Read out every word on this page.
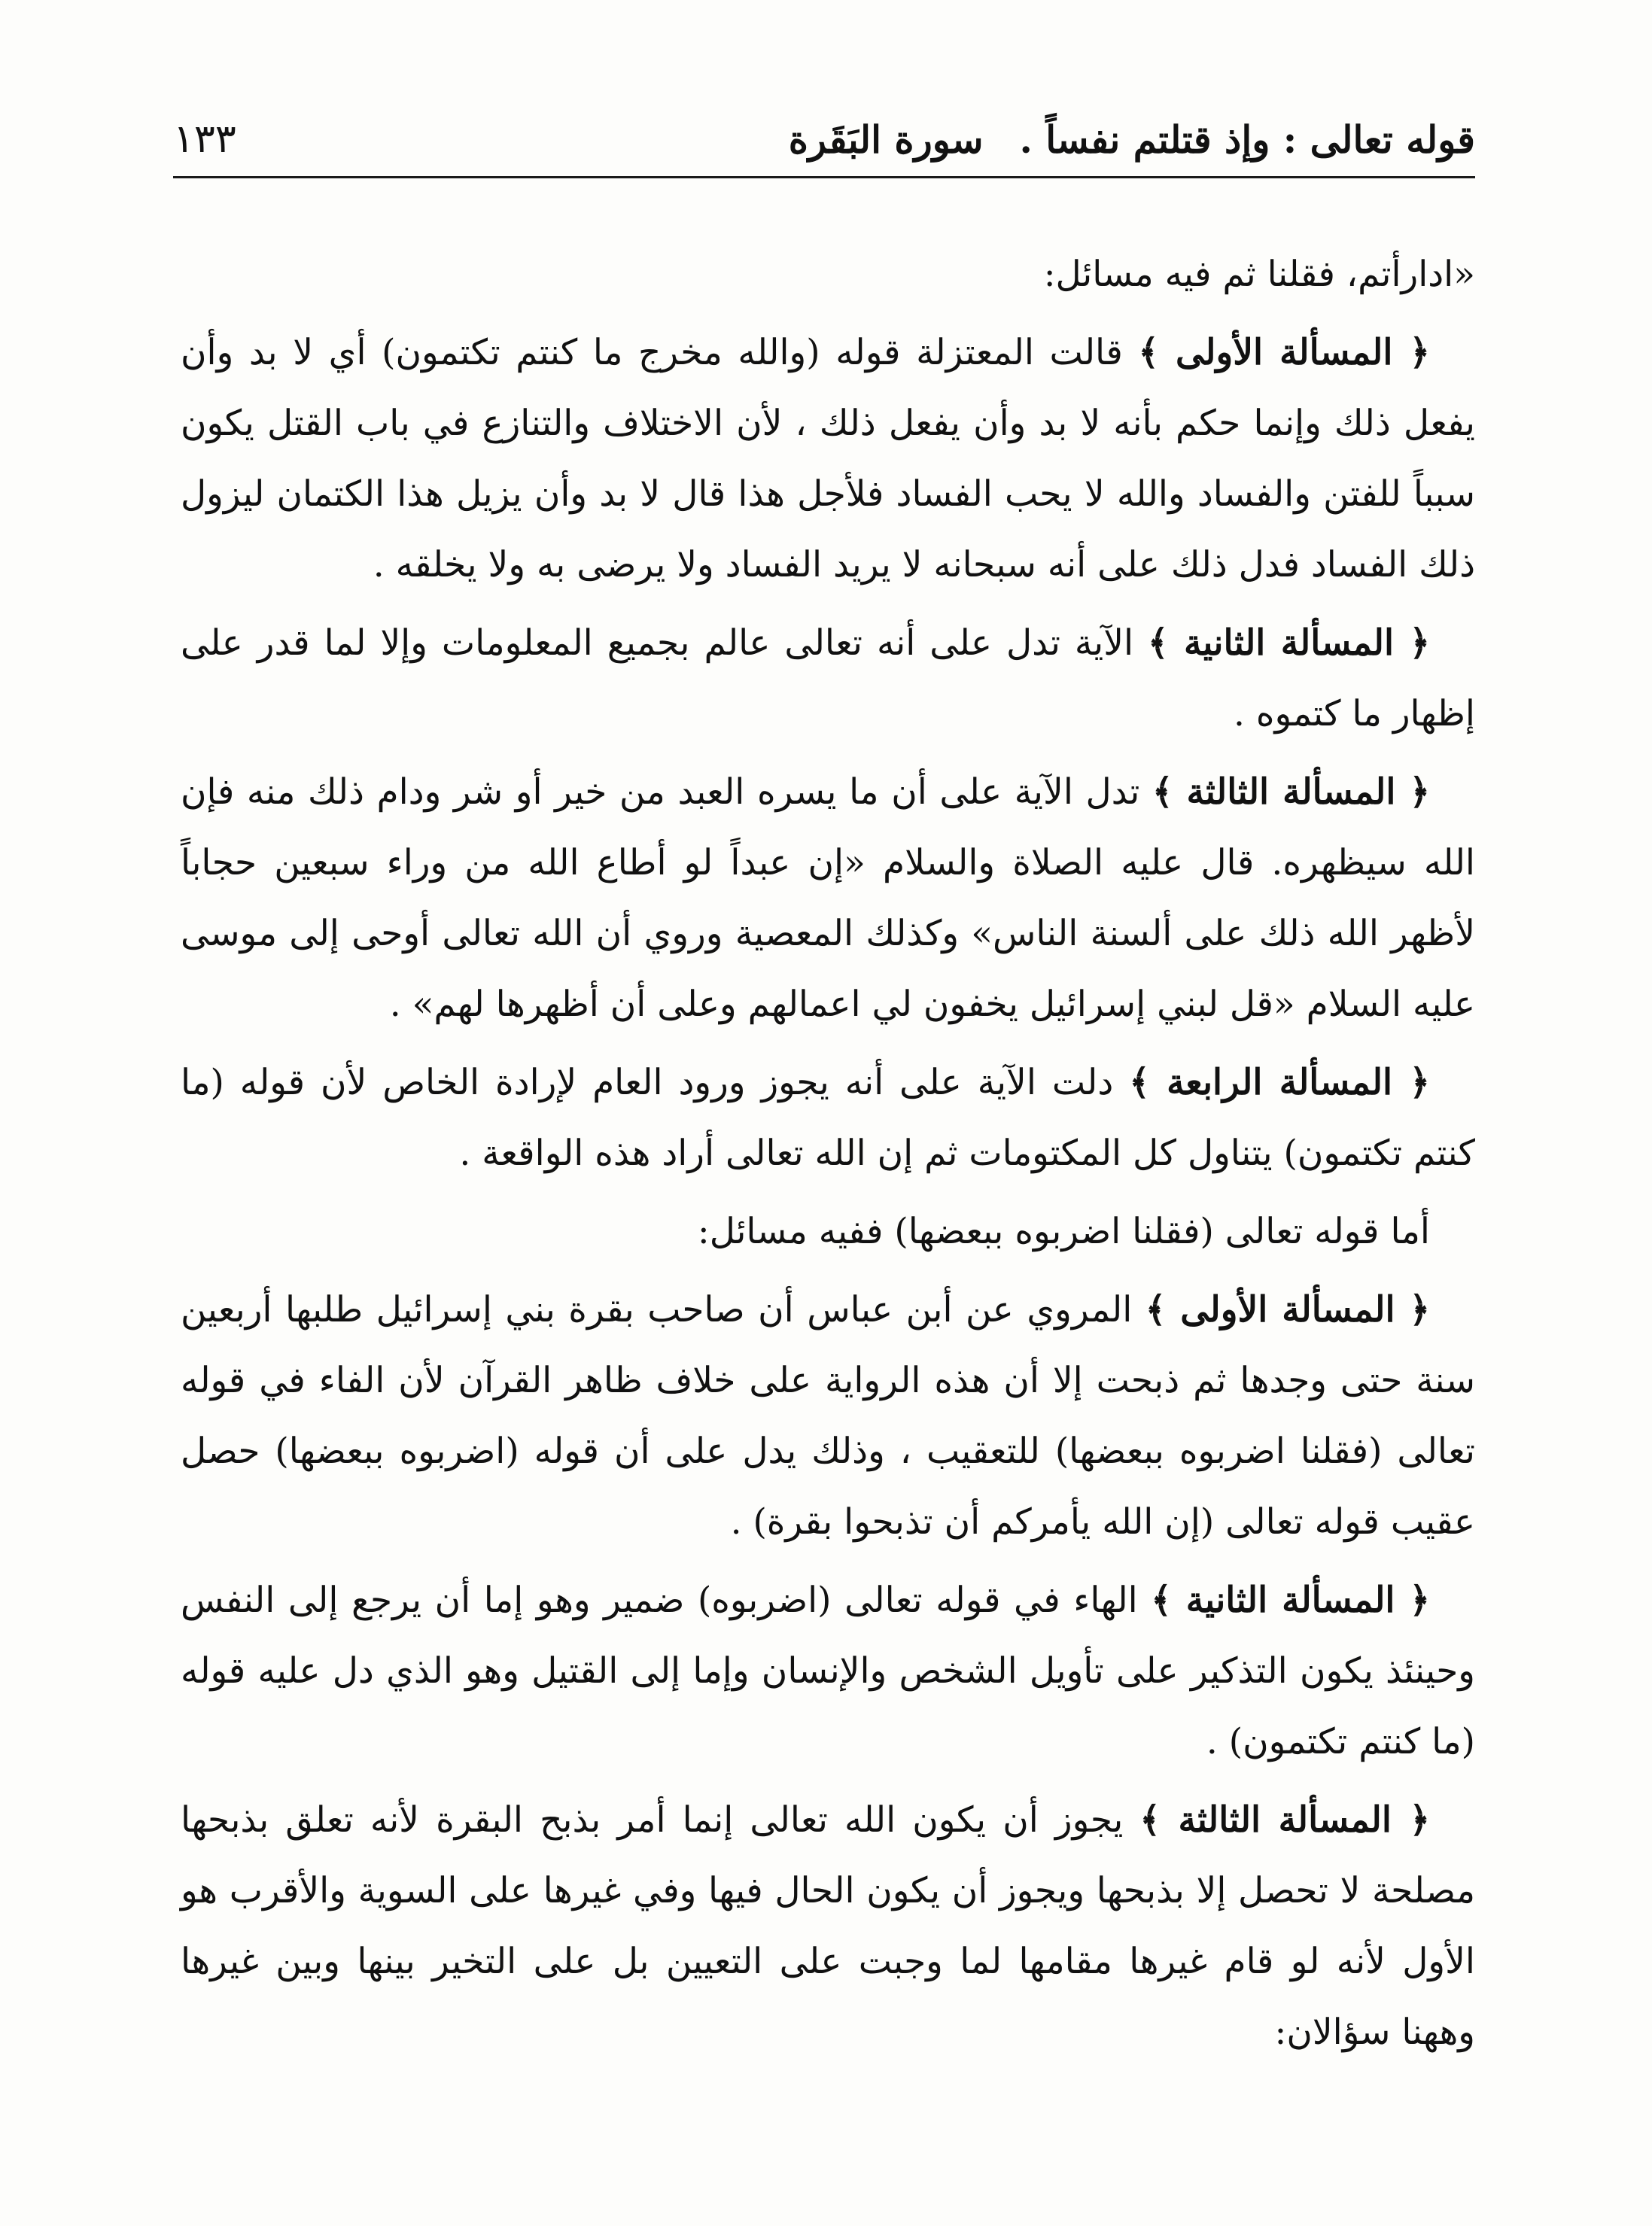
قوله تعالى : وإذ قتلتم نفساً .
سورة البَقَرة
١٣٣

«ادارأتم، فقلنا ثم فيه مسائل:

﴿ المسألة الأولى ﴾ قالت المعتزلة قوله (والله مخرج ما كنتم تكتمون) أي لا بد وأن يفعل ذلك وإنما حكم بأنه لا بد وأن يفعل ذلك ، لأن الاختلاف والتنازع في باب القتل يكون سبباً للفتن والفساد والله لا يحب الفساد فلأجل هذا قال لا بد وأن يزيل هذا الكتمان ليزول ذلك الفساد فدل ذلك على أنه سبحانه لا يريد الفساد ولا يرضى به ولا يخلقه .

﴿ المسألة الثانية ﴾ الآية تدل على أنه تعالى عالم بجميع المعلومات وإلا لما قدر على إظهار ما كتموه .

﴿ المسألة الثالثة ﴾ تدل الآية على أن ما يسره العبد من خير أو شر ودام ذلك منه فإن الله سيظهره. قال عليه الصلاة والسلام «إن عبداً لو أطاع الله من وراء سبعين حجاباً لأظهر الله ذلك على ألسنة الناس» وكذلك المعصية وروي أن الله تعالى أوحى إلى موسى عليه السلام «قل لبني إسرائيل يخفون لي اعمالهم وعلى أن أظهرها لهم» .

﴿ المسألة الرابعة ﴾ دلت الآية على أنه يجوز ورود العام لإرادة الخاص لأن قوله (ما كنتم تكتمون) يتناول كل المكتومات ثم إن الله تعالى أراد هذه الواقعة .

أما قوله تعالى (فقلنا اضربوه ببعضها) ففيه مسائل:

﴿ المسألة الأولى ﴾ المروي عن أبن عباس أن صاحب بقرة بني إسرائيل طلبها أربعين سنة حتى وجدها ثم ذبحت إلا أن هذه الرواية على خلاف ظاهر القرآن لأن الفاء في قوله تعالى (فقلنا اضربوه ببعضها) للتعقيب ، وذلك يدل على أن قوله (اضربوه ببعضها) حصل عقيب قوله تعالى (إن الله يأمركم أن تذبحوا بقرة) .

﴿ المسألة الثانية ﴾ الهاء في قوله تعالى (اضربوه) ضمير وهو إما أن يرجع إلى النفس وحينئذ يكون التذكير على تأويل الشخص والإنسان وإما إلى القتيل وهو الذي دل عليه قوله (ما كنتم تكتمون) .

﴿ المسألة الثالثة ﴾ يجوز أن يكون الله تعالى إنما أمر بذبح البقرة لأنه تعلق بذبحها مصلحة لا تحصل إلا بذبحها ويجوز أن يكون الحال فيها وفي غيرها على السوية والأقرب هو الأول لأنه لو قام غيرها مقامها لما وجبت على التعيين بل على التخير بينها وبين غيرها وههنا سؤالان:
